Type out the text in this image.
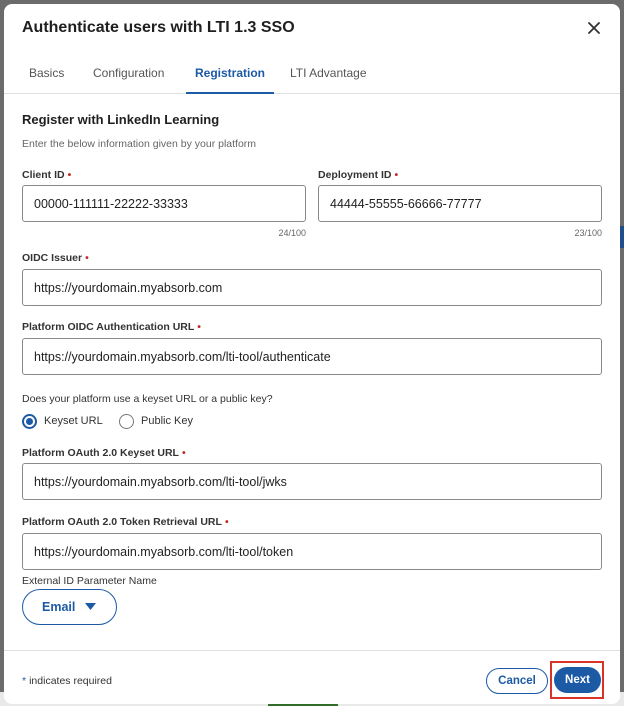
Authenticate users with LTI 1.3 SSO
Basics Configuration	Registration	LTI Advantage
Register with LinkedIn Learning
Enter the below information given by your platform
Client ID •
00000-111111-22222-33333
24/100
Deployment ID •
44444-55555-66666-77777
23/100
OIDC Issuer •
https://yourdomain.myabsorb.com
Platform OIDC Authentication URL •
https://yourdomain.myabsorb.com/lti-tool/authenticate
Does your platform use a keyset URL or a public key?
Keyset URL	Public Key
Platform OAuth 2.0 Keyset URL •
https://yourdomain.myabsorb.com/lti-tool/jwks
Platform OAuth 2.0 Token Retrieval URL •
https://yourdomain.myabsorb.com/lti-tool/token
External ID Parameter Name
Email
* indicates required	Cancel	Next
